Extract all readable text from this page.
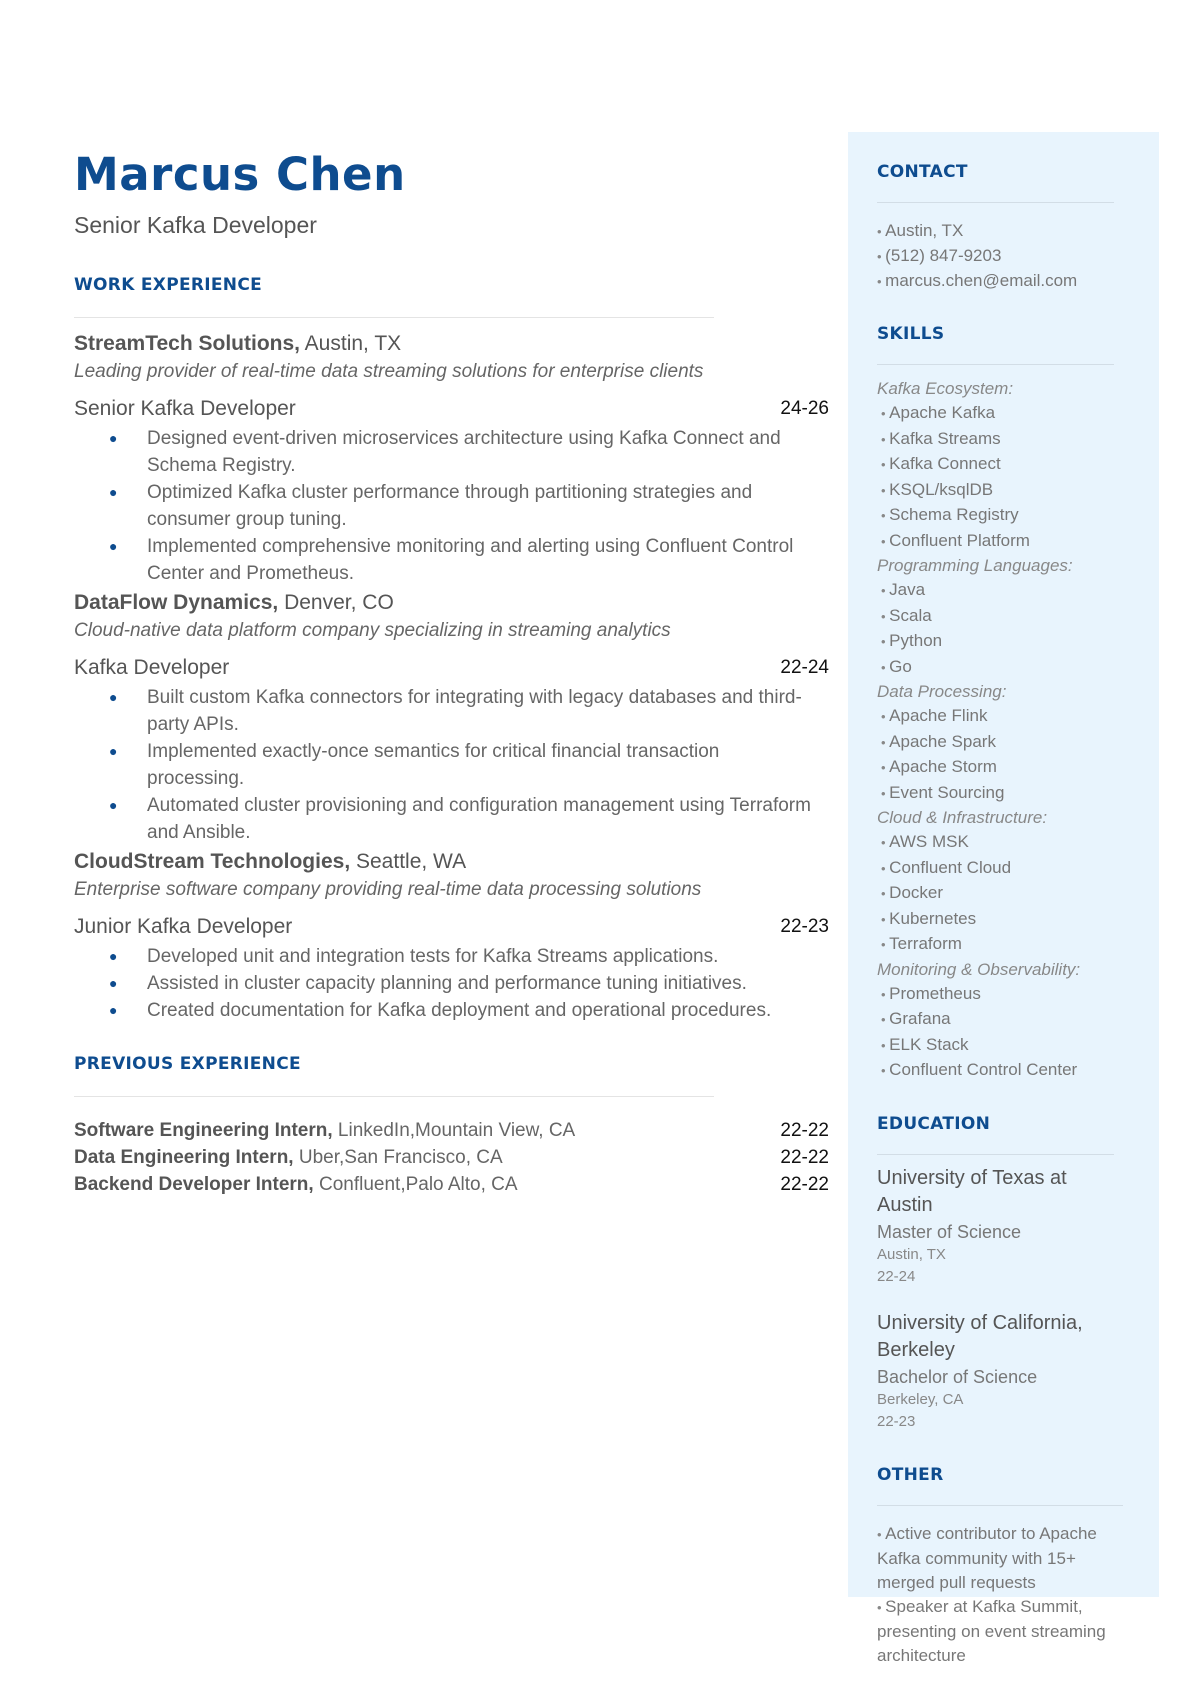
Marcus Chen
Senior Kafka Developer
WORK EXPERIENCE
StreamTech Solutions, Austin, TX
Leading provider of real-time data streaming solutions for enterprise clients
Senior Kafka Developer	24-26
● Designed event-driven microservices architecture using Kafka Connect and Schema Registry.
● Optimized Kafka cluster performance through partitioning strategies and consumer group tuning.
● Implemented comprehensive monitoring and alerting using Confluent Control Center and Prometheus.
DataFlow Dynamics, Denver, CO
Cloud-native data platform company specializing in streaming analytics
Kafka Developer	22-24
● Built custom Kafka connectors for integrating with legacy databases and third-party APIs.
● Implemented exactly-once semantics for critical financial transaction processing.
● Automated cluster provisioning and configuration management using Terraform and Ansible.
CloudStream Technologies, Seattle, WA
Enterprise software company providing real-time data processing solutions
Junior Kafka Developer	22-23
● Developed unit and integration tests for Kafka Streams applications.
● Assisted in cluster capacity planning and performance tuning initiatives.
● Created documentation for Kafka deployment and operational procedures.
PREVIOUS EXPERIENCE
Software Engineering Intern, LinkedIn,Mountain View, CA	22-22
Data Engineering Intern, Uber,San Francisco, CA	22-22
Backend Developer Intern, Confluent,Palo Alto, CA	22-22
CONTACT
• Austin, TX
• (512) 847-9203
• marcus.chen@email.com
SKILLS
Kafka Ecosystem:
• Apache Kafka
• Kafka Streams
• Kafka Connect
• KSQL/ksqlDB
• Schema Registry
• Confluent Platform
Programming Languages:
• Java
• Scala
• Python
• Go
Data Processing:
• Apache Flink
• Apache Spark
• Apache Storm
• Event Sourcing
Cloud & Infrastructure:
• AWS MSK
• Confluent Cloud
• Docker
• Kubernetes
• Terraform
Monitoring & Observability:
• Prometheus
• Grafana
• ELK Stack
• Confluent Control Center
EDUCATION
University of Texas at Austin
Master of Science
Austin, TX
22-24
University of California, Berkeley
Bachelor of Science
Berkeley, CA
22-23
OTHER
• Active contributor to Apache Kafka community with 15+ merged pull requests
• Speaker at Kafka Summit, presenting on event streaming architecture
